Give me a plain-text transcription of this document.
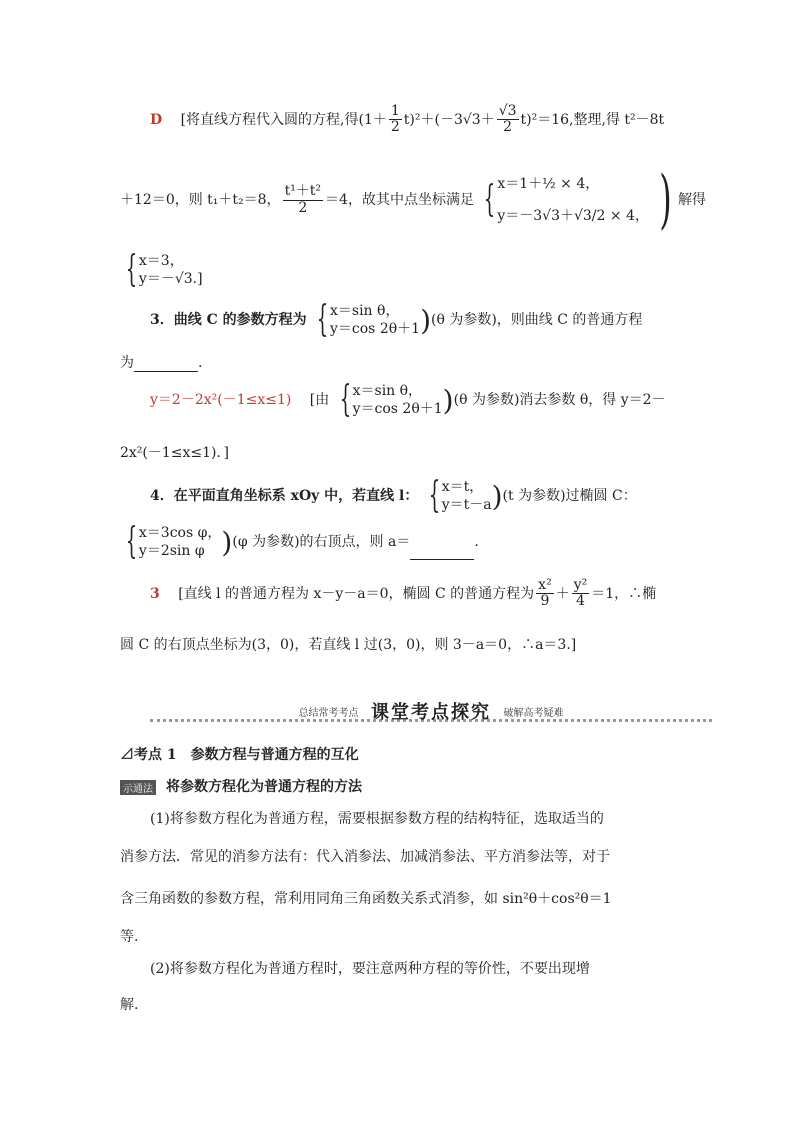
D [将直线方程代入圆的方程,得$(1+ \frac{1}{2} t)^2+(-3√3+ \frac{√3}{2} t)^2=16$,整理,得 t²－8t
＋12＝0，则 t₁＋t₂＝8， $\frac{\text{t¹＋t²}}{2} =4$，故其中点坐标满足 { x＝1＋½ × 4，
y＝－3√3＋√3/2 × 4， ) 解得
{ x＝3，
y＝－√3.]
3．曲线 C 的参数方程为 { x＝sin θ，
y＝cos 2θ＋1 ) (θ 为参数)，则曲线 C 的普通方程
为	.
y＝2－2x²(－1≤x≤1) [由 { x＝sin θ，
y＝cos 2θ＋1 ) (θ 为参数)消去参数 θ，得 y＝2－
2x²(－1≤x≤1)．]
4．在平面直角坐标系 xOy 中，若直线 l： { x＝t，
y＝t－a ) (t 为参数)过椭圆 C：
{ x＝3cos φ，
y＝2sin φ ) (φ 为参数)的右顶点，则 a＝	.
3 [直线 l 的普通方程为 x－y－a＝0，椭圆 C 的普通方程为 $\frac{\text{x²}}{9} + \frac{\text{y²}}{4} =1$，∴椭
圆 C 的右顶点坐标为(3，0)，若直线 l 过(3，0)，则 3－a＝0，∴a＝3.]
总结常考考点 课堂考点探究 破解高考疑难
⊿考点 1　参数方程与普通方程的互化
示通法 将参数方程化为普通方程的方法
(1)将参数方程化为普通方程，需要根据参数方程的结构特征，选取适当的
消参方法．常见的消参方法有：代入消参法、加减消参法、平方消参法等，对于
含三角函数的参数方程，常利用同角三角函数关系式消参，如 sin²θ＋cos²θ＝1
等.
(2)将参数方程化为普通方程时，要注意两种方程的等价性，不要出现增
解.
